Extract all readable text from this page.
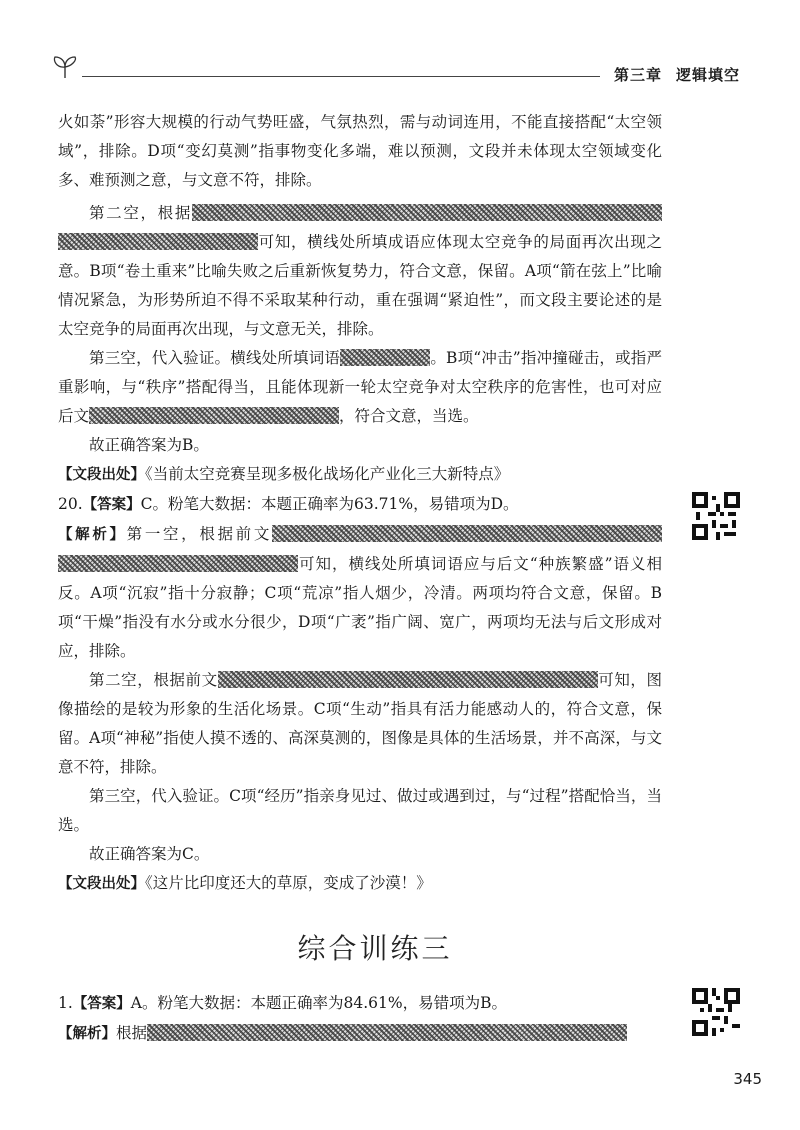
第三章 逻辑填空

火如荼”形容大规模的行动气势旺盛，气氛热烈，需与动词连用，不能直接搭配“太空领域”，排除。D项“变幻莫测”指事物变化多端，难以预测，文段并未体现太空领域变化多、难预测之意，与文意不符，排除。

第二空，根据可知，横线处所填成语应体现太空竞争的局面再次出现之意。B项“卷土重来”比喻失败之后重新恢复势力，符合文意，保留。A项“箭在弦上”比喻情况紧急，为形势所迫不得不采取某种行动，重在强调“紧迫性”，而文段主要论述的是太空竞争的局面再次出现，与文意无关，排除。

第三空，代入验证。横线处所填词语	。B项“冲击”指冲撞碰击，或指严重影响，与“秩序”搭配得当，且能体现新一轮太空竞争对太空秩序的危害性，也可对应后文	，符合文意，当选。

故正确答案为B。

【文段出处】《当前太空竞赛呈现多极化战场化产业化三大新特点》

20.【答案】C。粉笔大数据：本题正确率为63.71%，易错项为D。

【解析】第一空，根据前文可知，横线处所填词语应与后文“种族繁盛”语义相反。A项“沉寂”指十分寂静；C项“荒凉”指人烟少，冷清。两项均符合文意，保留。B项“干燥”指没有水分或水分很少，D项“广袤”指广阔、宽广，两项均无法与后文形成对应，排除。

第二空，根据前文	可知，图像描绘的是较为形象的生活化场景。C项“生动”指具有活力能感动人的，符合文意，保留。A项“神秘”指使人摸不透的、高深莫测的，图像是具体的生活场景，并不高深，与文意不符，排除。

第三空，代入验证。C项“经历”指亲身见过、做过或遇到过，与“过程”搭配恰当，当选。

故正确答案为C。

【文段出处】《这片比印度还大的草原，变成了沙漠！》

综合训练三

1.【答案】A。粉笔大数据：本题正确率为84.61%，易错项为B。

【解析】根据

345
